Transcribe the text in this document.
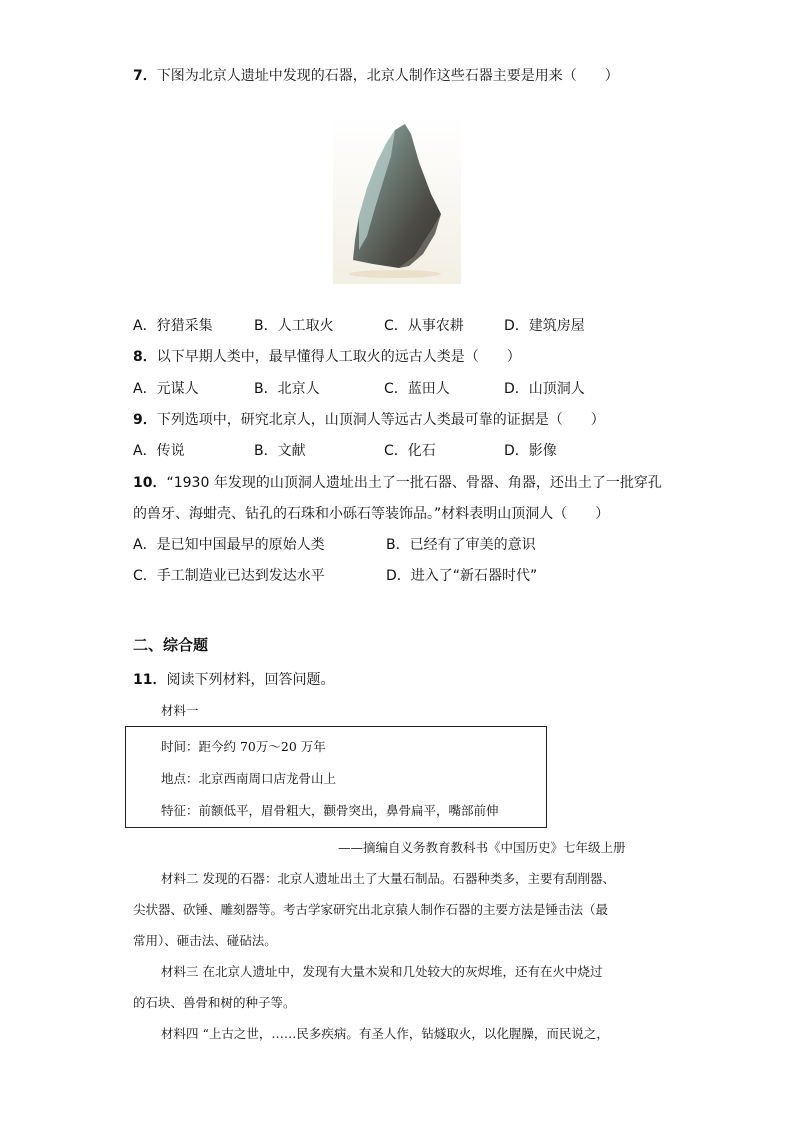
7．下图为北京人遗址中发现的石器，北京人制作这些石器主要是用来（　　）
A．狩猎采集	B．人工取火	C．从事农耕	D．建筑房屋
8．以下早期人类中，最早懂得人工取火的远古人类是（　　）
A．元谋人	B．北京人	C．蓝田人	D．山顶洞人
9．下列选项中，研究北京人，山顶洞人等远古人类最可靠的证据是（　　）
A．传说	B．文献	C．化石	D．影像
10．“1930 年发现的山顶洞人遗址出土了一批石器、骨器、角器，还出土了一批穿孔
的兽牙、海蚶壳、钻孔的石珠和小砾石等装饰品。”材料表明山顶洞人（　　）
A．是已知中国最早的原始人类	B．已经有了审美的意识
C．手工制造业已达到发达水平	D．进入了“新石器时代”
二、综合题
11．阅读下列材料，回答问题。
材料一
时间：距今约 70万～20 万年
地点：北京西南周口店龙骨山上
特征：前额低平，眉骨粗大，颧骨突出，鼻骨扁平，嘴部前伸
——摘编自义务教育教科书《中国历史》七年级上册
材料二 发现的石器：北京人遗址出土了大量石制品。石器种类多，主要有刮削器、
尖状器、砍锤、雕刻器等。考古学家研究出北京猿人制作石器的主要方法是锤击法（最
常用）、砸击法、碰砧法。
材料三 在北京人遗址中，发现有大量木炭和几处较大的灰烬堆，还有在火中烧过
的石块、兽骨和树的种子等。
材料四 “上古之世，……民多疾病。有圣人作，钻燧取火，以化腥臊，而民说之，
